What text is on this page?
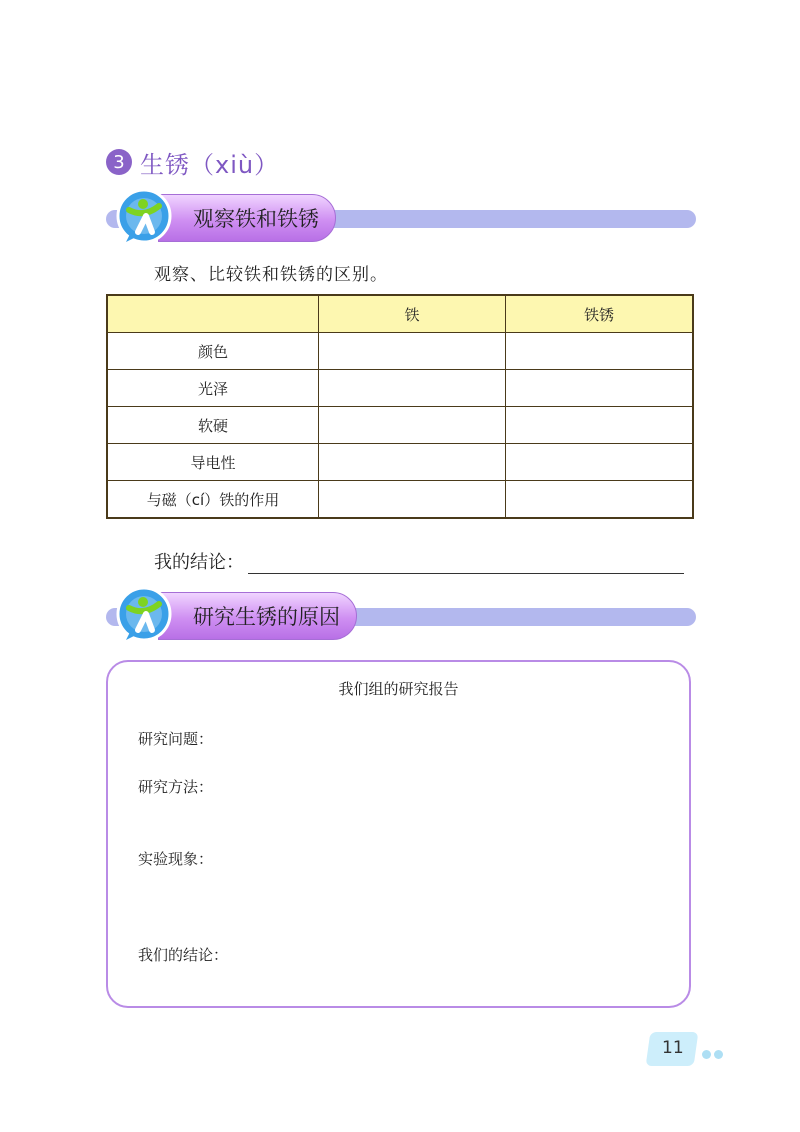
3 生锈（xiù）
观察铁和铁锈
观察、比较铁和铁锈的区别。
	铁	铁锈
颜色		
光泽		
软硬		
导电性		
与磁（cí）铁的作用		
我的结论：
研究生锈的原因
我们组的研究报告
研究问题：
研究方法：
实验现象：
我们的结论：
11
